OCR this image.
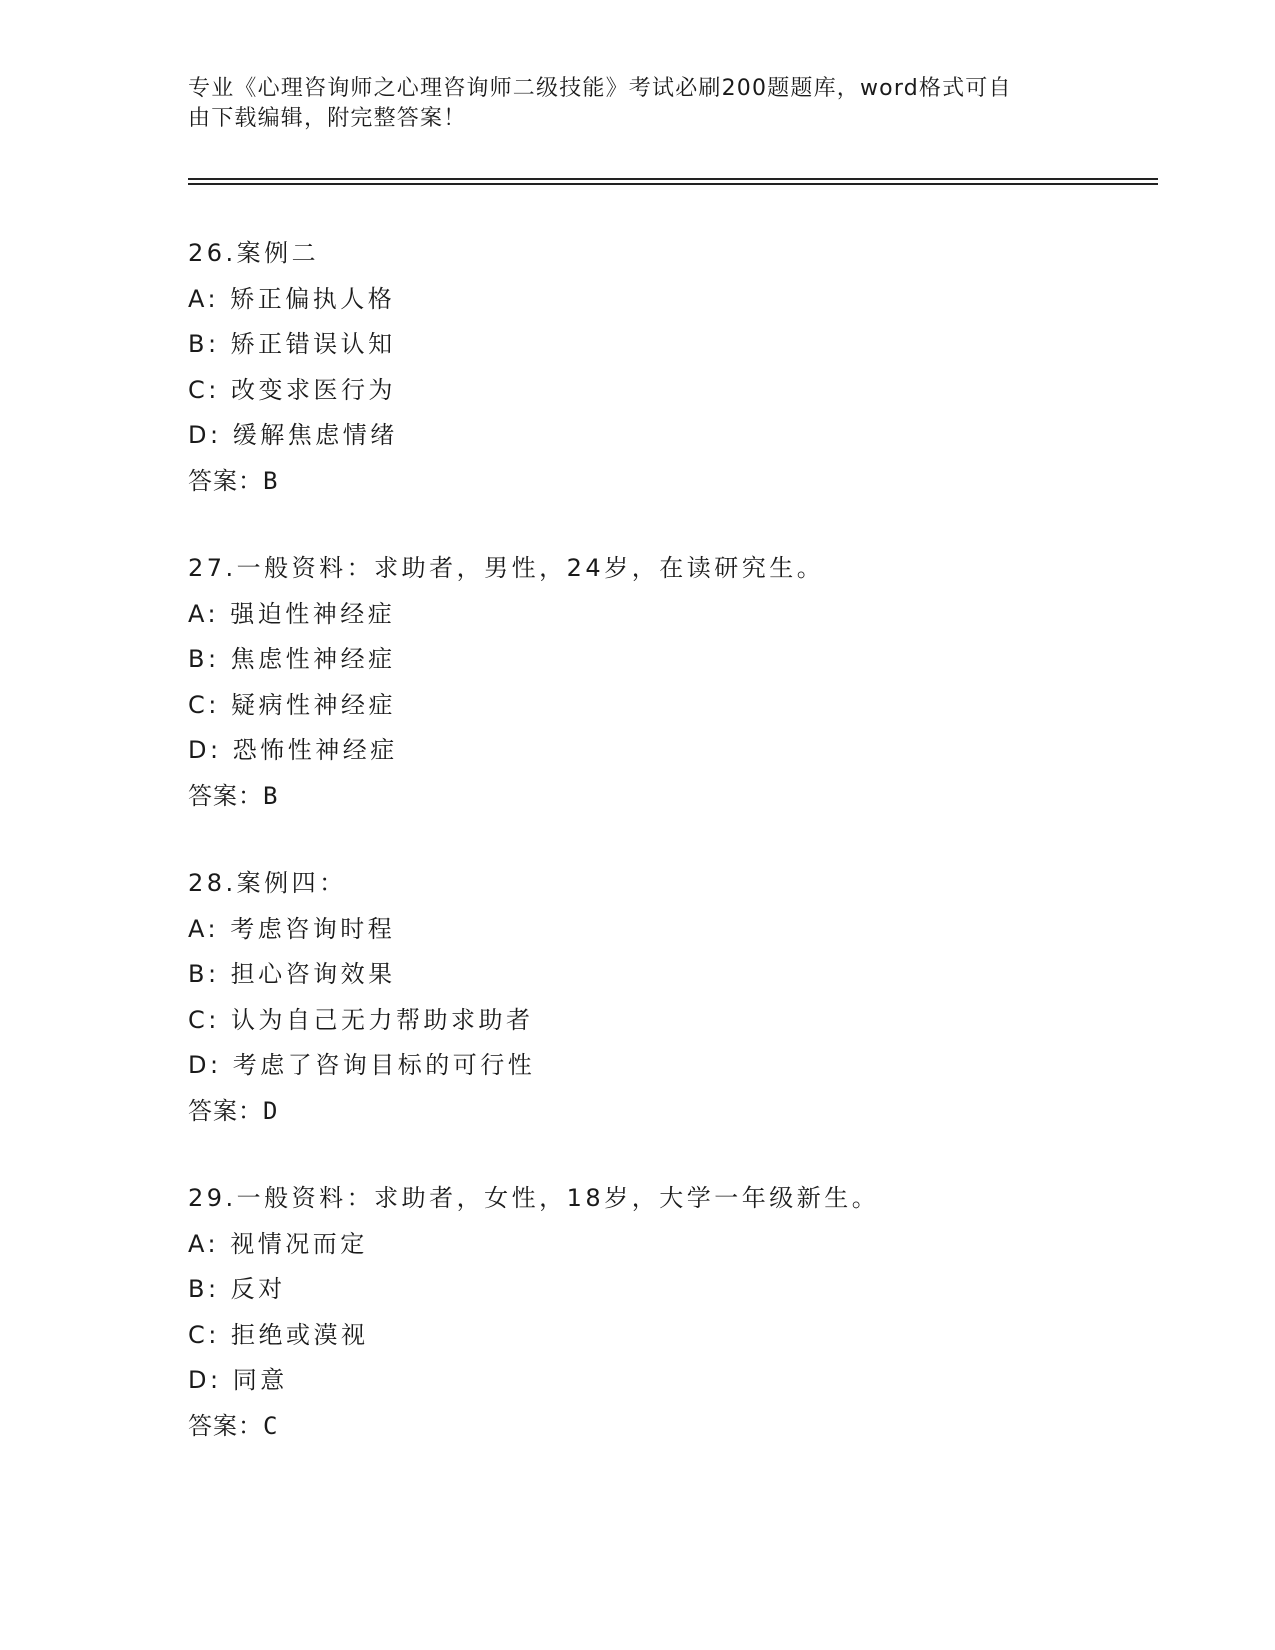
专业《心理咨询师之心理咨询师二级技能》考试必刷200题题库，word格式可自
由下载编辑，附完整答案！
26.案例二
A: 矫正偏执人格
B: 矫正错误认知
C: 改变求医行为
D: 缓解焦虑情绪
答案：B
27.一般资料：求助者，男性，24岁，在读研究生。
A: 强迫性神经症
B: 焦虑性神经症
C: 疑病性神经症
D: 恐怖性神经症
答案：B
28.案例四：
A: 考虑咨询时程
B: 担心咨询效果
C: 认为自己无力帮助求助者
D: 考虑了咨询目标的可行性
答案：D
29.一般资料：求助者，女性，18岁，大学一年级新生。
A: 视情况而定
B: 反对
C: 拒绝或漠视
D: 同意
答案：C
